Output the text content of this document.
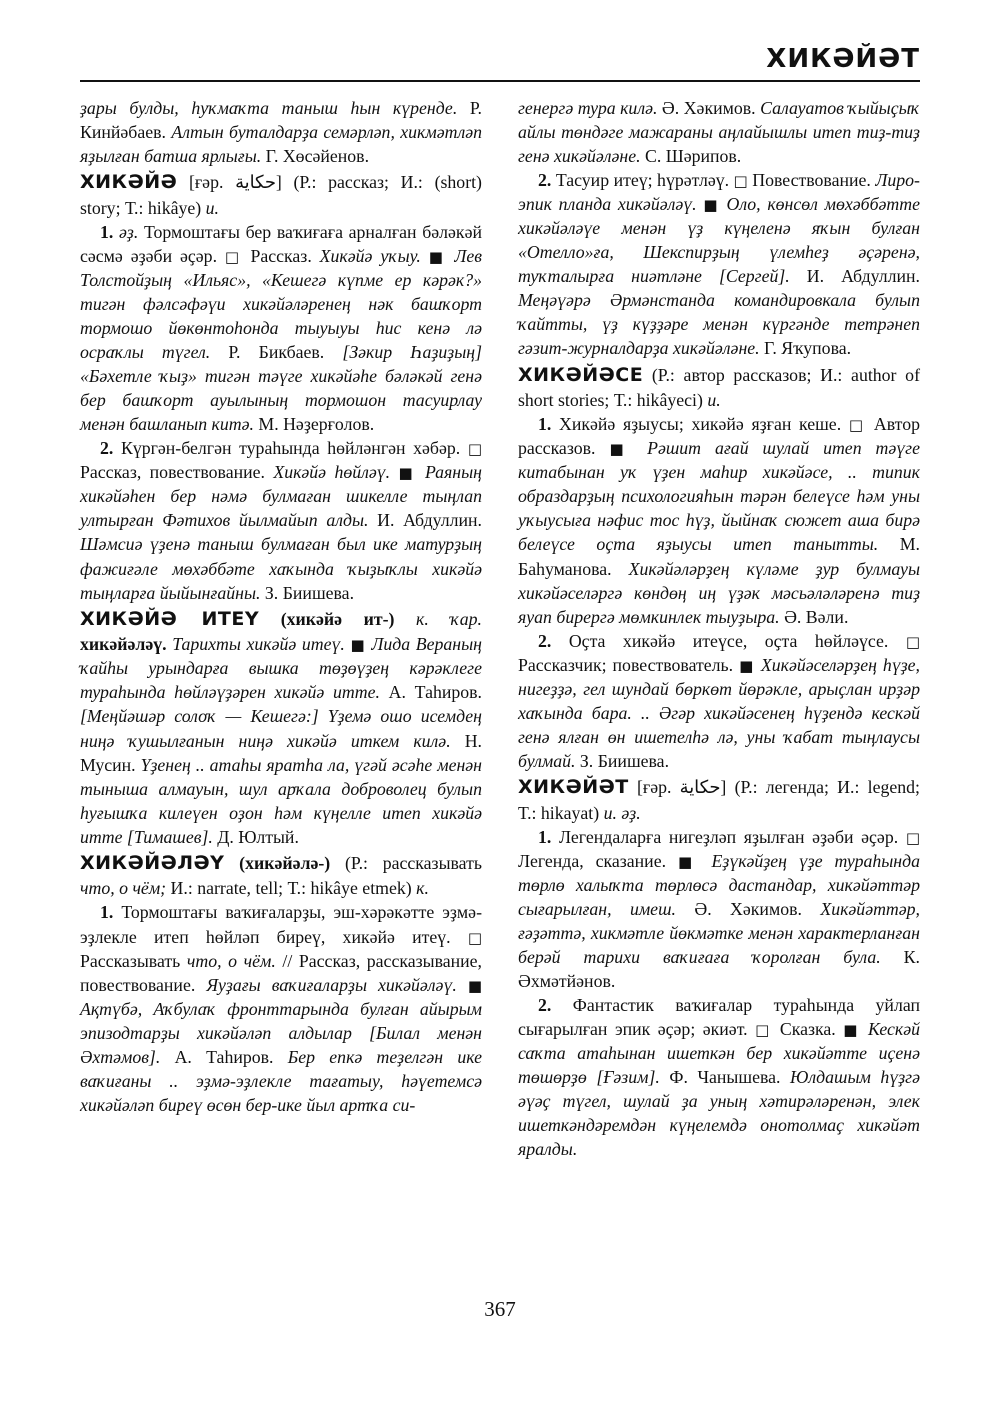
ХИКӘЙӘТ

ҙары булды, һуҡмаҡта таныш һын күренде. Р. Кинйәбаев. Алтын буталдарҙа семәрләп, хикмәтләп яҙылған батша ярлығы. Г. Хөсәйенов.

ХИКӘЙӘ [ғәр. حكاية] (Р.: рассказ; И.: (short) story; Т.: hikâye) и.

1. әҙ. Тормоштағы бер ваҡиғаға арналған бәләкәй сәсмә әҙәби әҫәр. □ Рассказ. Хикәйә уҡыу. ■ Лев Толстойҙың «Ильяс», «Кешегә күпме ер кәрәк?» тигән фәлсәфәүи хикәйәләренең нәк башҡорт тормошо йөкөнтоһонда тыуыуы һис кенә лә осраҡлы түгел. Р. Бикбаев. [Зәкир Һаҙиҙың] «Бәхетле ҡыҙ» тигән тәүге хикәйәһе бәләкәй генә бер башҡорт ауылының тормошон тасуирлау менән башланып китә. М. Нәҙерғолов.

2. Күргән-белгән тураһында һөйләнгән хәбәр. □ Рассказ, повествование. Хикәйә һөйләү. ■ Раяның хикәйәһен бер нәмә булмаған шикелле тыңлап ултырған Фәтихов йылмайып алды. И. Абдуллин. Шәмсиә үҙенә таныш булмаған был ике матурҙың фажиғәле мөхәббәте хаҡында ҡыҙыҡлы хикәйә тыңларға йыйынғайны. З. Биишева.

ХИКӘЙӘ ИТЕҮ (хикәйә ит-) к. ҡар. хикәйәләү. Тарихты хикәйә итеү. ■ Лида Вераның ҡайһы урындарға вышка төҙөүҙең кәрәклеге тураһында һөйләүҙәрен хикәйә итте. А. Таһиров. [Меңйәшәр солоҡ — Кешегә:] Үҙемә ошо исемдең ниңә ҡушылғанын ниңә хикәйә иткем килә. Н. Мусин. Үҙенең .. атаһы яратһа ла, үгәй әсәһе менән тыныша алмауын, шул арҡала доброволец булып һуғышҡа килеүен оҙон һәм күңелле итеп хикәйә итте [Тимашев]. Д. Юлтый.

ХИКӘЙӘЛӘҮ (хикәйәлә-) (Р.: рассказывать что, о чём; И.: narrate, tell; Т.: hikâye etmek) к.

1. Тормоштағы ваҡиғаларҙы, эш-хәрәкәтте эҙмә-эҙлекле итеп һөйләп биреү, хикәйә итеү. □ Рассказывать что, о чём. // Рассказ, рассказывание, повествование. Яуҙағы ваҡиғаларҙы хикәйәләү. ■ Ақтүбә, Аҡбулаҡ фронттарында булған айырым эпизодтарҙы хикәйәләп алдылар [Билал менән Әхтәмов]. А. Таһиров. Бер епкә теҙелгән ике ваҡиғаны .. эҙмә-эҙлекле тағатыу, һәүетемсә хикәйәләп биреү өсөн бер-ике йыл артҡа си-

генергә тура килә. Ә. Хәкимов. Салауатов ҡыйыҫыҡ айлы төндәге мажараны аңлайышлы итеп тиҙ-тиҙ генә хикәйәләне. С. Шәрипов.

2. Тасуир итеү; һүрәтләү. □ Повествование. Лиро-эпик планда хикәйәләү. ■ Оло, көнсөл мөхәббәтте хикәйәләүе менән үҙ күңеленә яҡын булған «Отелло»ға, Шекспирҙың үлемһеҙ әҫәренә, туҡталырға ниәтләне [Сергей]. И. Абдуллин. Меңәүәрә Әрмәнстанда командировкала булып ҡайтты, үҙ күҙҙәре менән күргәнде тетрәнеп гәзит-журналдарҙа хикәйәләне. Г. Яҡупова.

ХИКӘЙӘСЕ (Р.: автор рассказов; И.: author of short stories; Т.: hikâyeci) и.

1. Хикәйә яҙыусы; хикәйә яҙған кеше. □ Автор рассказов. ■ Рәшит ағай шулай итеп тәүге китабынан уҡ үҙен маһир хикәйәсе, .. типик образдарҙың психологияһын тәрән белеүсе һәм уны уҡыусыға нәфис тос һүҙ, йыйнаҡ сюжет аша бирә белеүсе оҫта яҙыусы итеп танытты. М. Баһуманова. Хикәйәләрҙең күләме ҙур булмауы хикәйәселәргә көндөң иң үҙәк мәсьәләләренә тиҙ яуап бирергә мөмкинлек тыуҙыра. Ә. Вәли.

2. Оҫта хикәйә итеүсе, оҫта һөйләүсе. □ Рассказчик; повествователь. ■ Хикәйәселәрҙең һүҙе, нигеҙҙә, гел шундай бөркөт йөрәкле, арыҫлан ирҙәр хаҡында бара. .. Әгәр хикәйәсенең һүҙендә кескәй генә ялған өн ишетелһә лә, уны ҡабат тыңлаусы булмай. З. Биишева.

ХИКӘЙӘТ [ғәр. حكاية] (Р.: легенда; И.: legend; Т.: hikayat) и. әҙ.

1. Легендаларға нигеҙләп яҙылған әҙәби әҫәр. □ Легенда, сказание. ■ Еҙүкәйҙең үҙе тураһында төрлө халыҡта төрлөсә дастандар, хикәйәттәр сығарылған, имеш. Ә. Хәкимов. Хикәйәттәр, ғәҙәттә, хикмәтле йөкмәтке менән характерланған берәй тарихи ваҡиғаға ҡоролған була. К. Әхмәтйәнов.

2. Фантастик ваҡиғалар тураһында уйлап сығарылған эпик әҫәр; әкиәт. □ Сказка. ■ Кескәй саҡта атаһынан ишеткән бер хикәйәтте иҫенә төшөрҙө [Ғәзим]. Ф. Чанышева. Юлдашым һүҙгә әүәҫ түгел, шулай ҙа уның хәтирәләренән, элек ишеткәндәремдән күңелемдә онотолмаҫ хикәйәт яралды.

367
